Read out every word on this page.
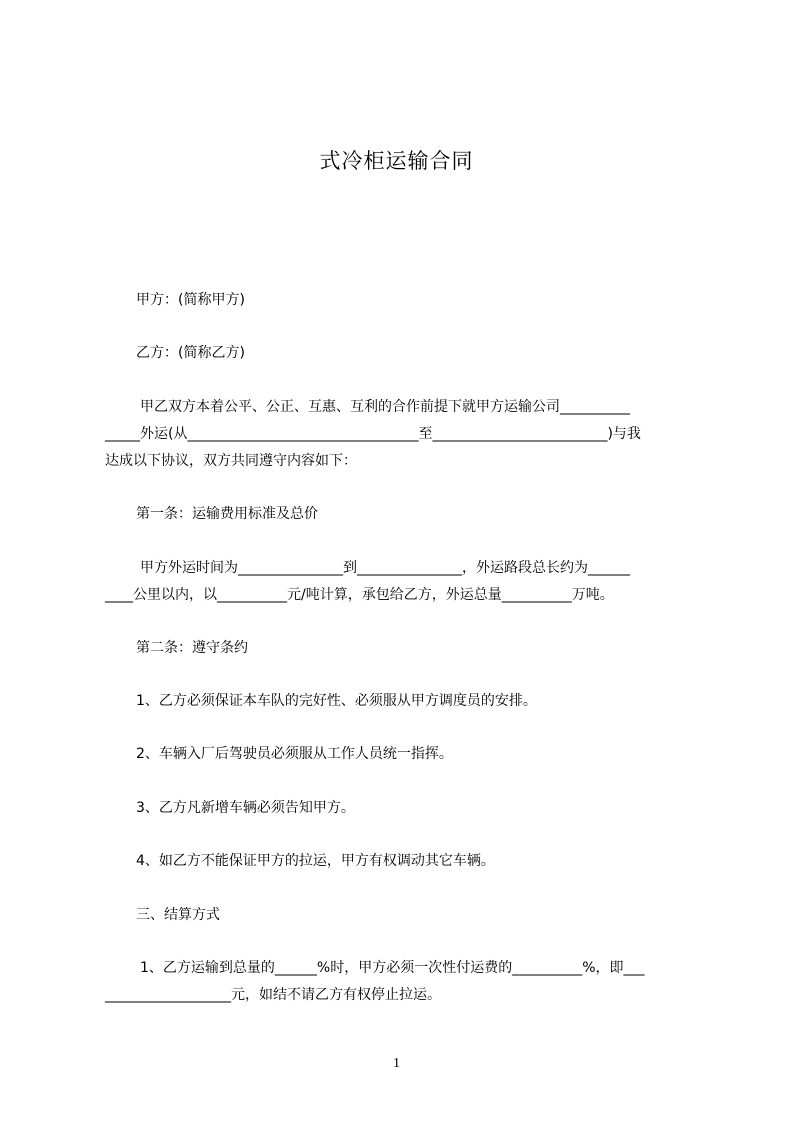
式冷柜运输合同
甲方：(简称甲方)
乙方：(简称乙方)
甲乙双方本着公平、公正、互惠、互利的合作前提下就甲方运输公司__________
_____外运(从_________________________________至_________________________)与我
达成以下协议，双方共同遵守内容如下：
第一条：运输费用标准及总价
甲方外运时间为_______________到_______________，外运路段总长约为______
____公里以内，以__________元/吨计算，承包给乙方，外运总量__________万吨。
第二条：遵守条约
1、乙方必须保证本车队的完好性、必须服从甲方调度员的安排。
2、车辆入厂后驾驶员必须服从工作人员统一指挥。
3、乙方凡新增车辆必须告知甲方。
4、如乙方不能保证甲方的拉运，甲方有权调动其它车辆。
三、结算方式
1、乙方运输到总量的______%时，甲方必须一次性付运费的__________%，即___
__________________元，如结不请乙方有权停止拉运。
1
